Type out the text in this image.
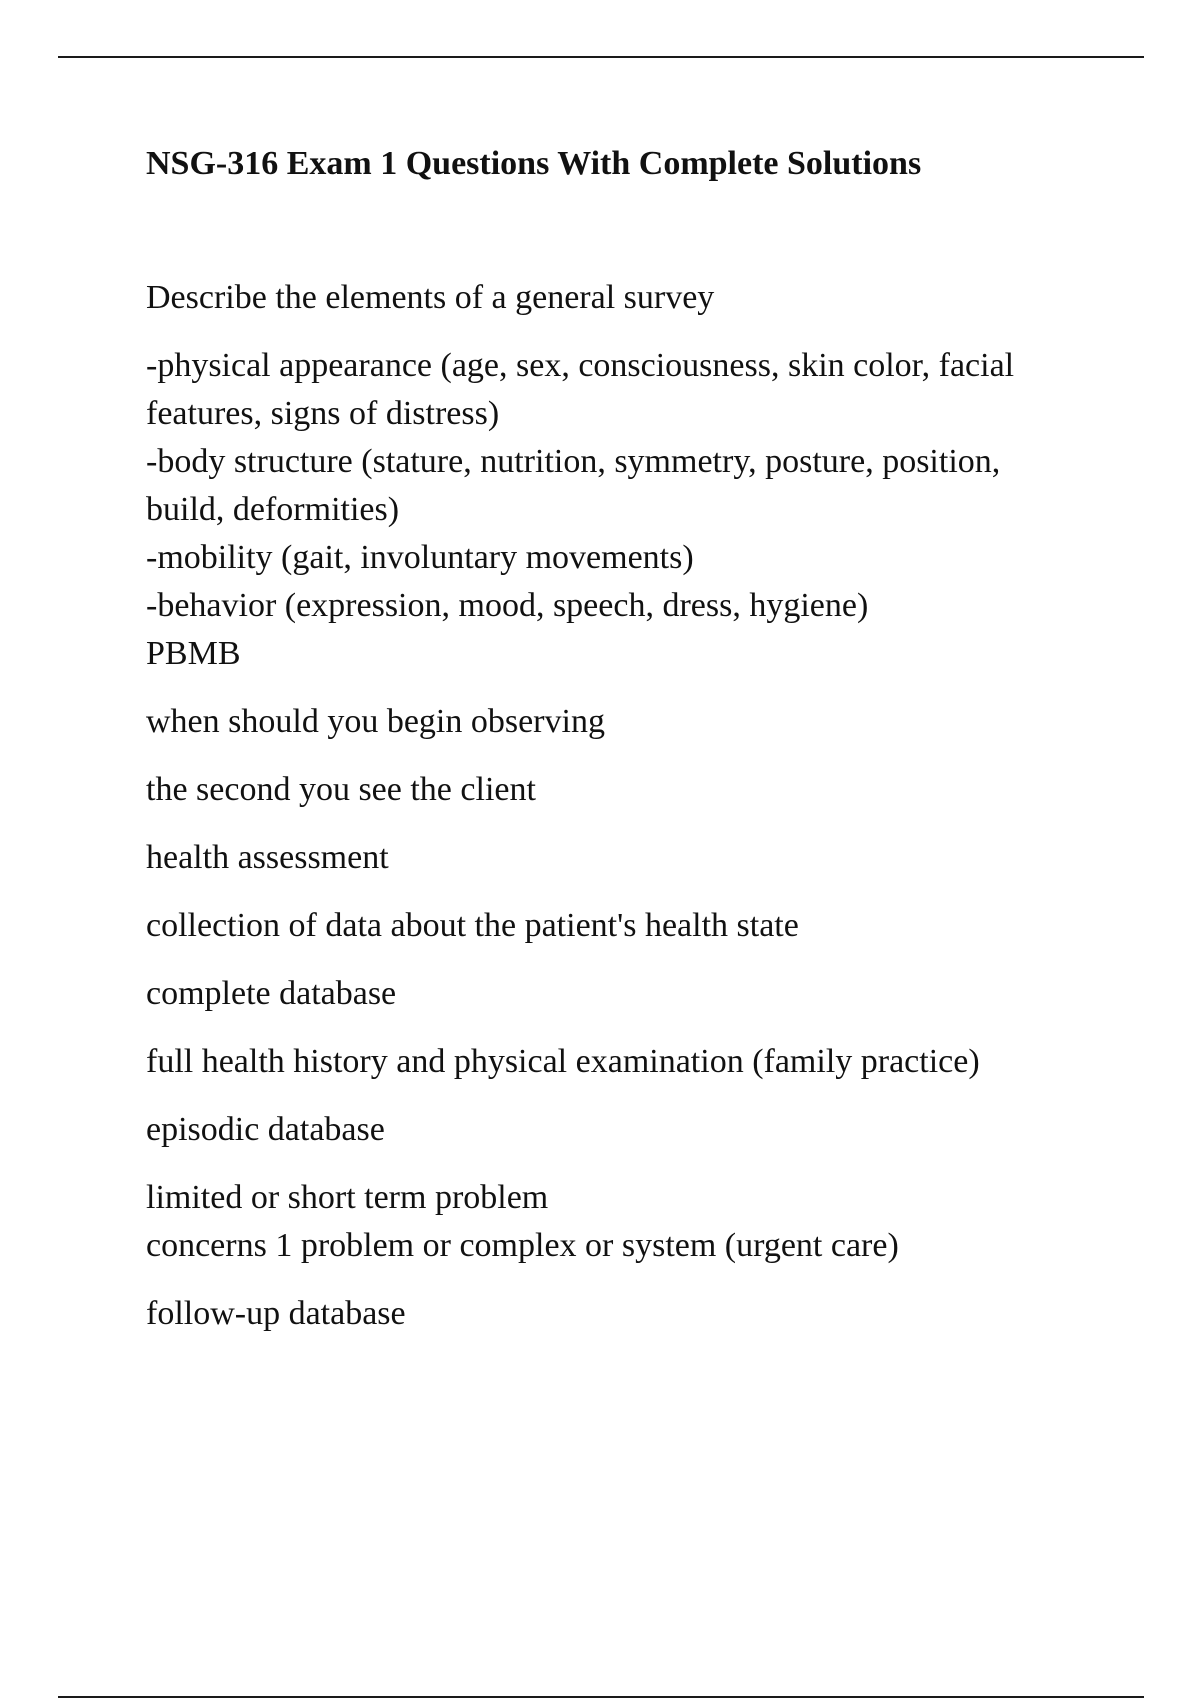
NSG-316 Exam 1 Questions With Complete Solutions
Describe the elements of a general survey
-physical appearance (age, sex, consciousness, skin color, facial
features, signs of distress)
-body structure (stature, nutrition, symmetry, posture, position,
build, deformities)
-mobility (gait, involuntary movements)
-behavior (expression, mood, speech, dress, hygiene)
PBMB
when should you begin observing
the second you see the client
health assessment
collection of data about the patient's health state
complete database
full health history and physical examination (family practice)
episodic database
limited or short term problem
concerns 1 problem or complex or system (urgent care)
follow-up database
